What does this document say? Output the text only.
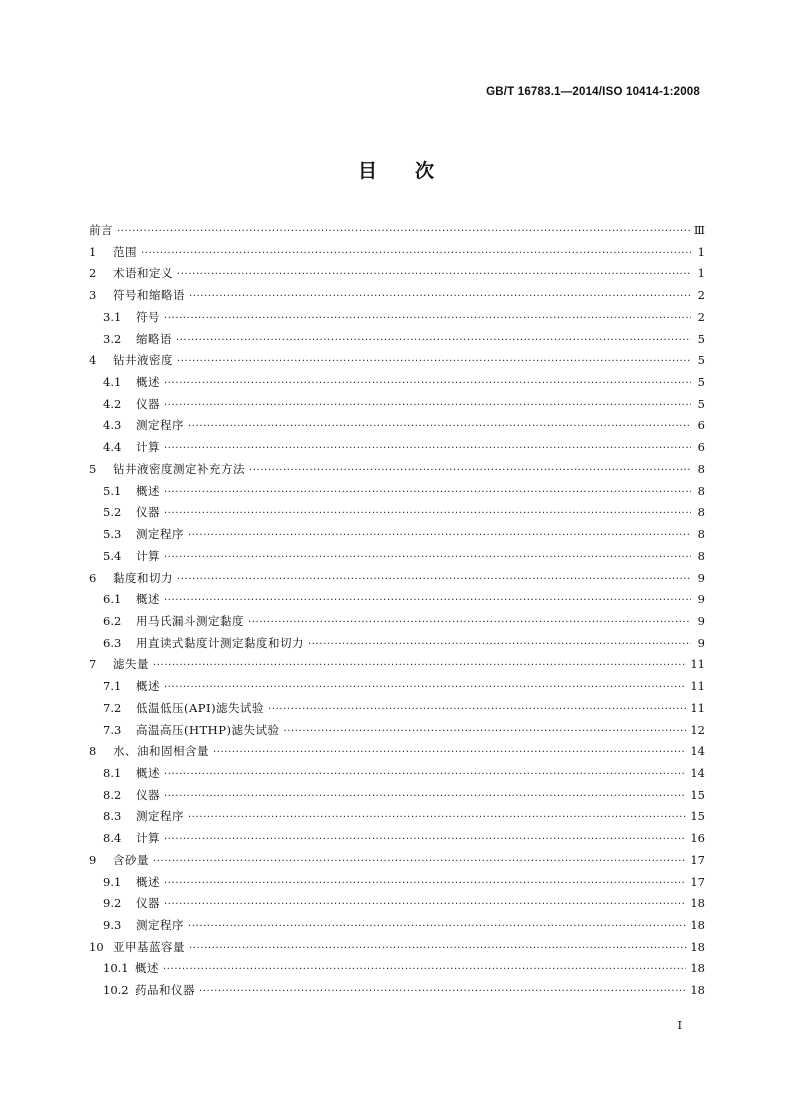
GB/T 16783.1—2014/ISO 10414-1:2008
目次
前言 ·····	Ⅲ
1	范围 ·····	1
2	术语和定义 ·····	1
3	符号和缩略语 ·····	2
3.1	符号 ·····	2
3.2	缩略语 ·····	5
4	钻井液密度 ·····	5
4.1	概述 ·····	5
4.2	仪器 ·····	5
4.3	测定程序 ·····	6
4.4	计算 ·····	6
5	钻井液密度测定补充方法 ·····	8
5.1	概述 ·····	8
5.2	仪器 ·····	8
5.3	测定程序 ·····	8
5.4	计算 ·····	8
6	黏度和切力 ·····	9
6.1	概述 ·····	9
6.2	用马氏漏斗测定黏度 ·····	9
6.3	用直读式黏度计测定黏度和切力 ·····	9
7	滤失量 ·····	11
7.1	概述 ·····	11
7.2	低温低压(API)滤失试验 ·····	11
7.3	高温高压(HTHP)滤失试验 ·····	12
8	水、油和固相含量 ·····	14
8.1	概述 ·····	14
8.2	仪器 ·····	15
8.3	测定程序 ·····	15
8.4	计算 ·····	16
9	含砂量 ·····	17
9.1	概述 ·····	17
9.2	仪器 ·····	18
9.3	测定程序 ·····	18
10 亚甲基蓝容量 ·····	18
10.1 概述 ·····	18
10.2 药品和仪器 ·····	18
I
